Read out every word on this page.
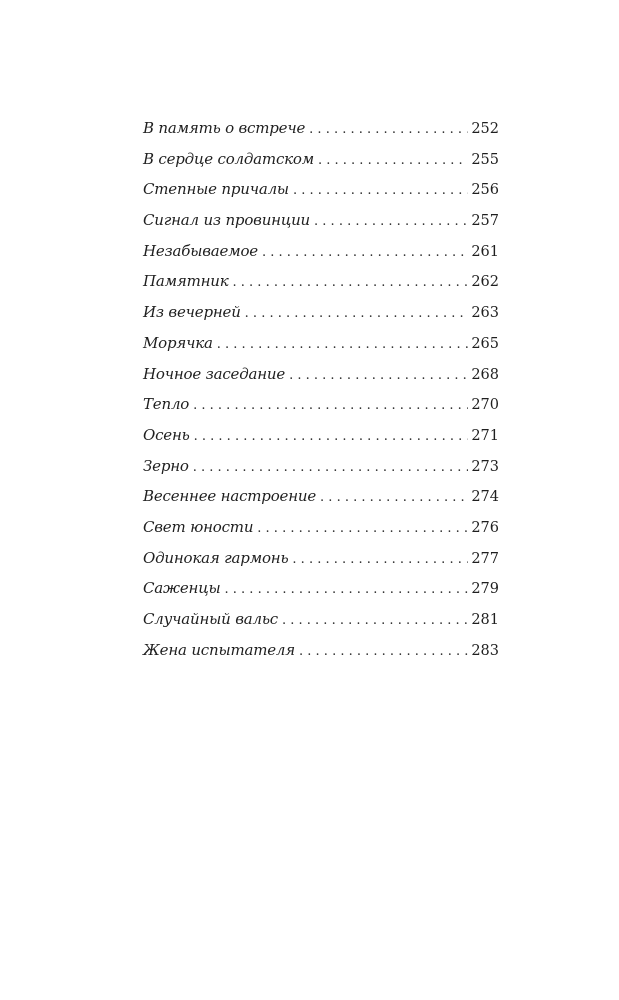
В память о встрече . . .	252
В сердце солдатском . . .	255
Степные причалы . . .	256
Сигнал из провинции . . .	257
Незабываемое . . .	261
Памятник . . .	262
Из вечерней . . .	263
Морячка . . .	265
Ночное заседание . . .	268
Тепло . . .	270
Осень . . .	271
Зерно . . .	273
Весеннее настроение . . .	274
Свет юности . . .	276
Одинокая гармонь . . .	277
Саженцы . . .	279
Случайный вальс . . .	281
Жена испытателя . . .	283
